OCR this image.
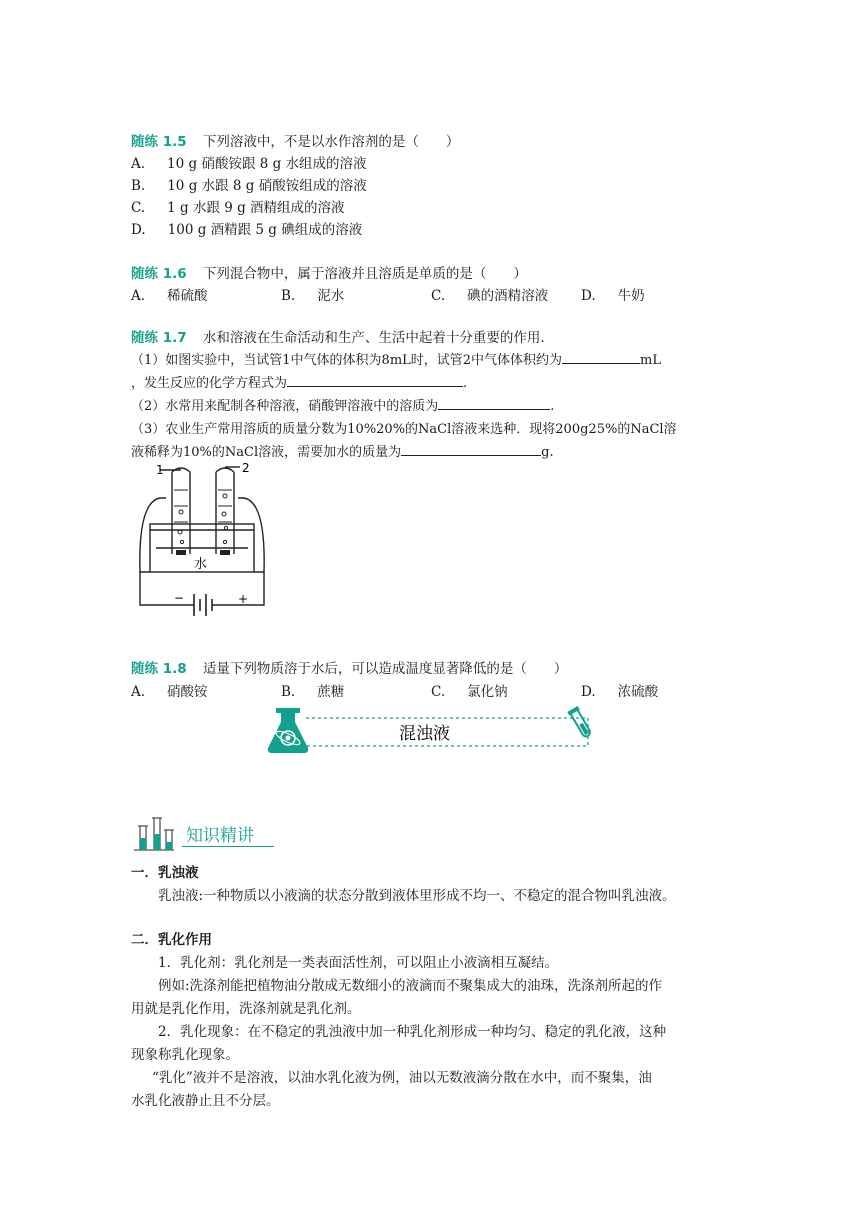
随练 1.5 下列溶液中，不是以水作溶剂的是（　　）
A. 10 g 硝酸铵跟 8 g 水组成的溶液
B. 10 g 水跟 8 g 硝酸铵组成的溶液
C. 1 g 水跟 9 g 酒精组成的溶液
D. 100 g 酒精跟 5 g 碘组成的溶液
随练 1.6 下列混合物中，属于溶液并且溶质是单质的是（　　）
A. 稀硫酸	B. 泥水	C. 碘的酒精溶液 D. 牛奶
随练 1.7 水和溶液在生命活动和生产、生活中起着十分重要的作用.
（1）如图实验中，当试管1中气体的体积为8mL时，试管2中气体体积约为	mL
，发生反应的化学方程式为	.
（2）水常用来配制各种溶液，硝酸钾溶液中的溶质为	.
（3）农业生产常用溶质的质量分数为10%20%的NaCl溶液来选种．现将200g25%的NaCl溶
液稀释为10%的NaCl溶液，需要加水的质量为	g.
1	2
水
−	+
随练 1.8 适量下列物质溶于水后，可以造成温度显著降低的是（　　）
A. 硝酸铵	B. 蔗糖	C. 氯化钠	D. 浓硫酸
混浊液
知识精讲
一．乳浊液
乳浊液:一种物质以小液滴的状态分散到液体里形成不均一、不稳定的混合物叫乳浊液。
二．乳化作用
1．乳化剂：乳化剂是一类表面活性剂，可以阻止小液滴相互凝结。
例如:洗涤剂能把植物油分散成无数细小的液滴而不聚集成大的油珠，洗涤剂所起的作
用就是乳化作用，洗涤剂就是乳化剂。
2．乳化现象：在不稳定的乳浊液中加一种乳化剂形成一种均匀、稳定的乳化液，这种
现象称乳化现象。
“乳化”液并不是溶液，以油水乳化液为例，油以无数液滴分散在水中，而不聚集，油
水乳化液静止且不分层。
